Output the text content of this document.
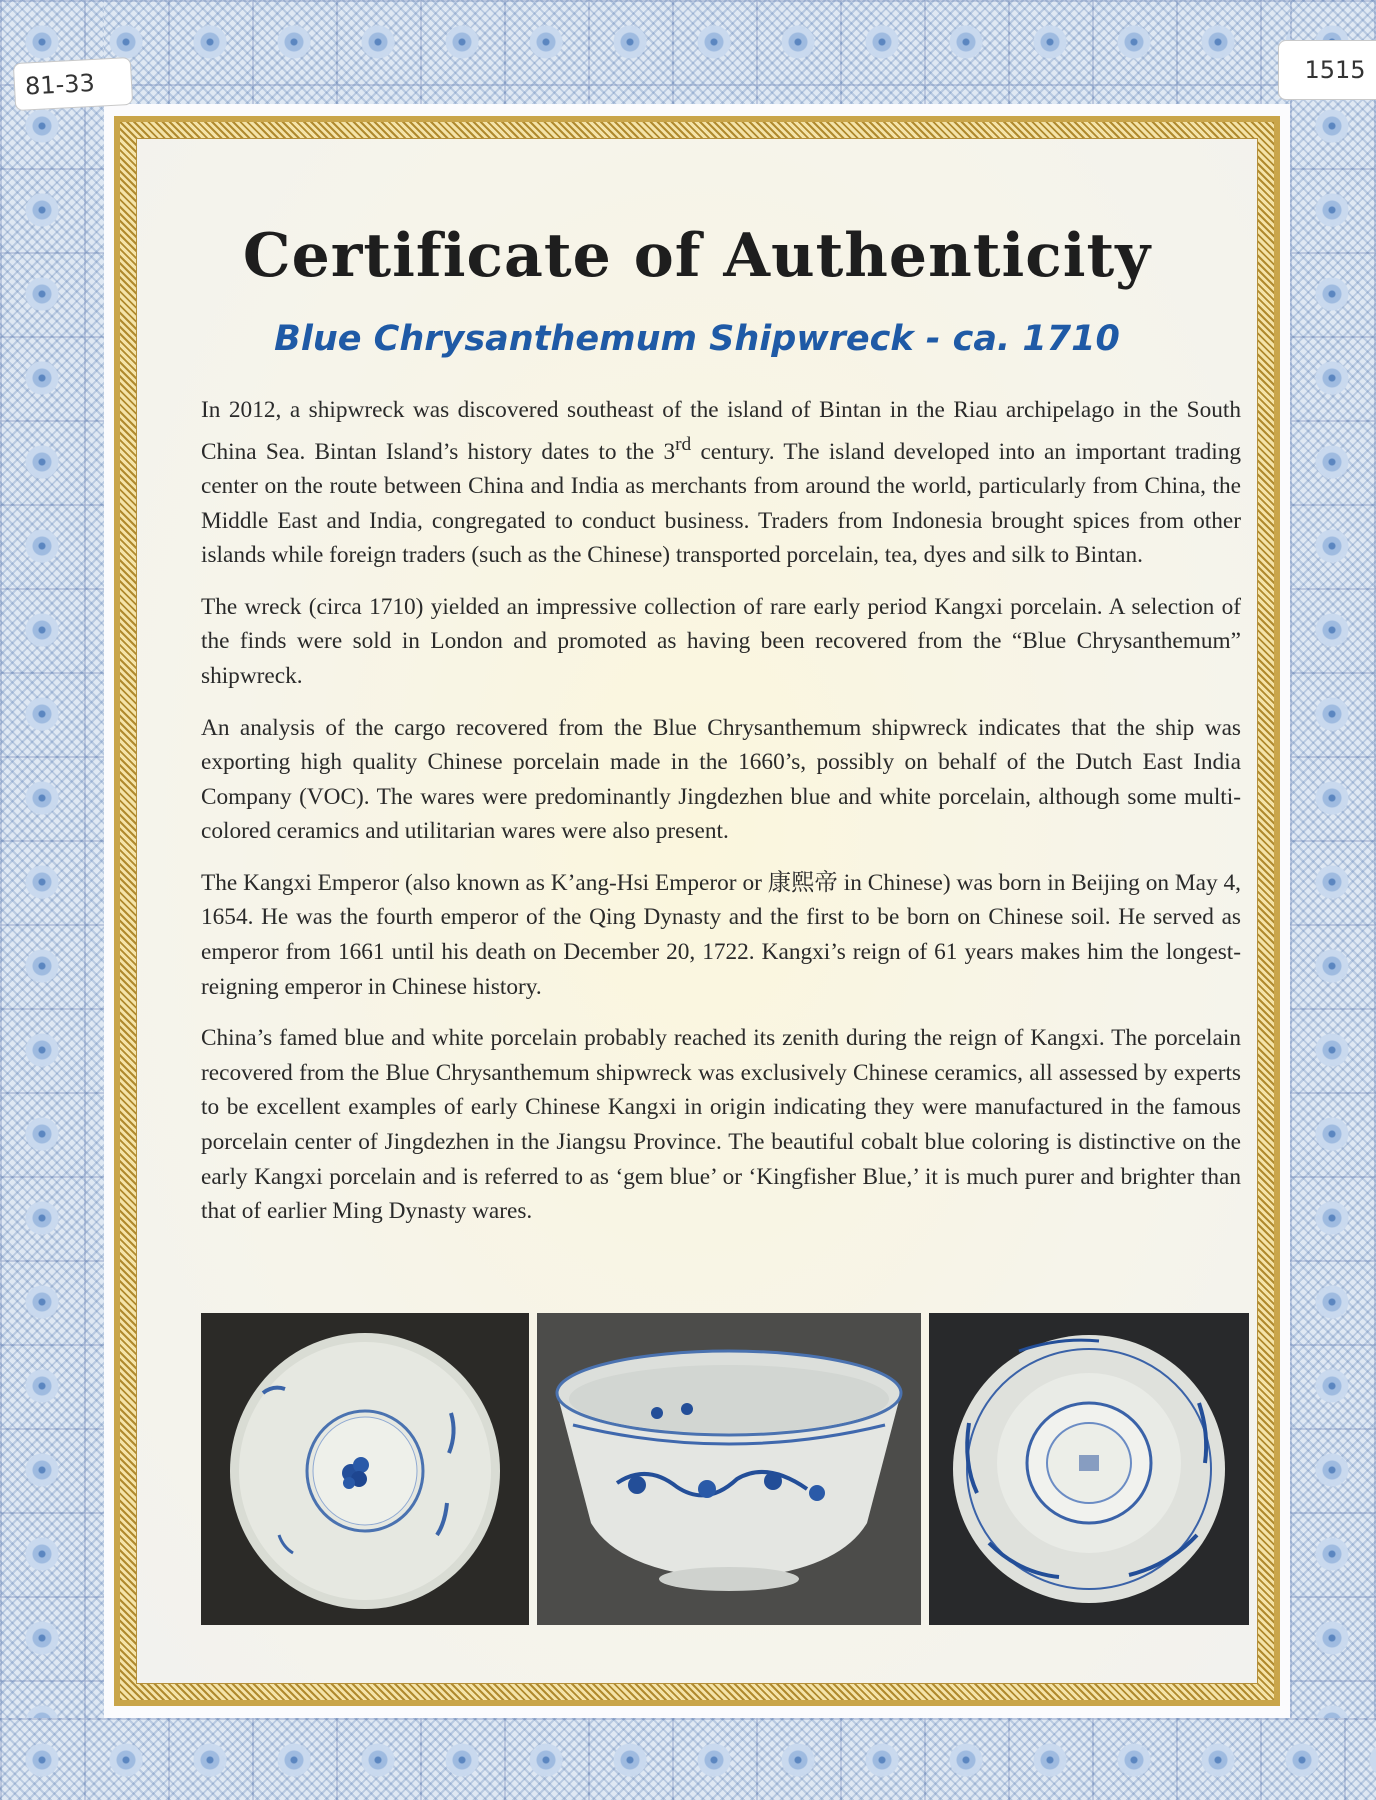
81-33	1515
Certificate of Authenticity
Blue Chrysanthemum Shipwreck - ca. 1710

In 2012, a shipwreck was discovered southeast of the island of Bintan in the Riau archipelago in the South China Sea. Bintan Island’s history dates to the 3rd century. The island developed into an important trading center on the route between China and India as merchants from around the world, particularly from China, the Middle East and India, congregated to conduct business. Traders from Indonesia brought spices from other islands while foreign traders (such as the Chinese) transported porcelain, tea, dyes and silk to Bintan.

The wreck (circa 1710) yielded an impressive collection of rare early period Kangxi porcelain. A selection of the finds were sold in London and promoted as having been recovered from the “Blue Chrysanthemum” shipwreck.

An analysis of the cargo recovered from the Blue Chrysanthemum shipwreck indicates that the ship was exporting high quality Chinese porcelain made in the 1660’s, possibly on behalf of the Dutch East India Company (VOC). The wares were predominantly Jingdezhen blue and white porcelain, although some multi-colored ceramics and utilitarian wares were also present.

The Kangxi Emperor (also known as K’ang-Hsi Emperor or 康熙帝 in Chinese) was born in Beijing on May 4, 1654. He was the fourth emperor of the Qing Dynasty and the first to be born on Chinese soil. He served as emperor from 1661 until his death on December 20, 1722. Kangxi’s reign of 61 years makes him the longest-reigning emperor in Chinese history.

China’s famed blue and white porcelain probably reached its zenith during the reign of Kangxi. The porcelain recovered from the Blue Chrysanthemum shipwreck was exclusively Chinese ceramics, all assessed by experts to be excellent examples of early Chinese Kangxi in origin indicating they were manufactured in the famous porcelain center of Jingdezhen in the Jiangsu Province. The beautiful cobalt blue coloring is distinctive on the early Kangxi porcelain and is referred to as ‘gem blue’ or ‘Kingfisher Blue,’ it is much purer and brighter than that of earlier Ming Dynasty wares.
